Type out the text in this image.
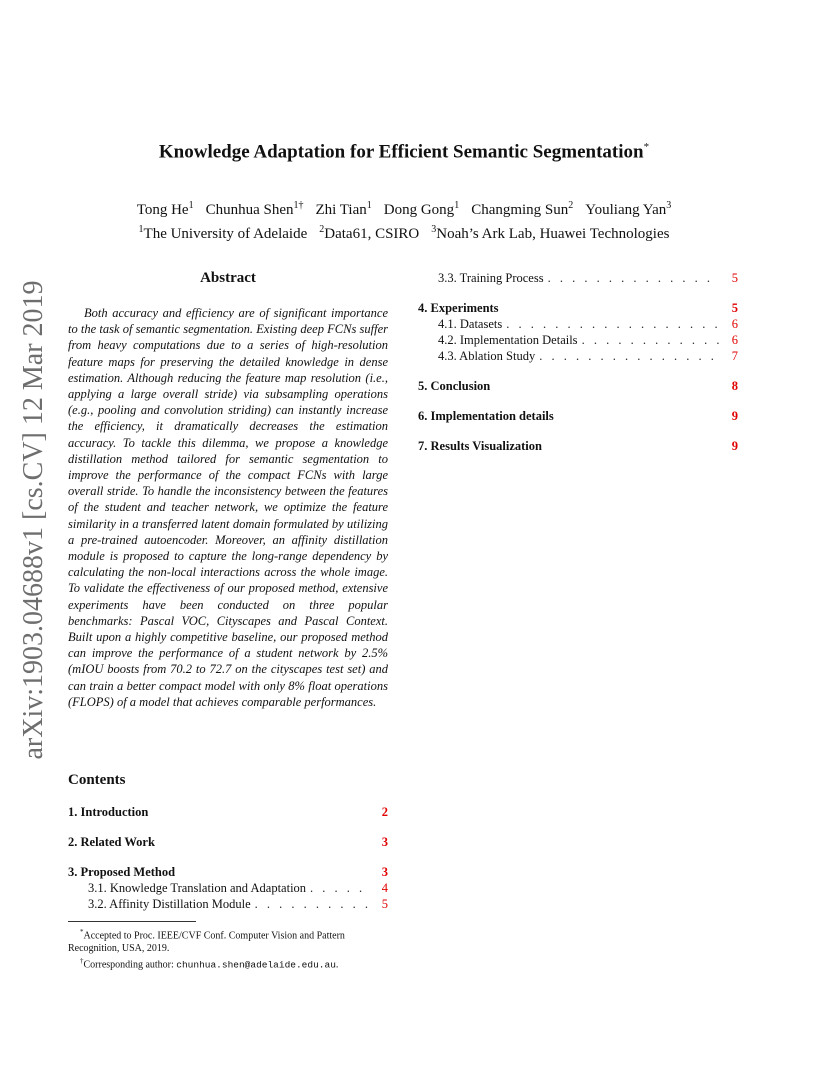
arXiv:1903.04688v1 [cs.CV] 12 Mar 2019
Knowledge Adaptation for Efficient Semantic Segmentation*
Tong He$^1$ Chunhua Shen$^{1\dagger}$ Zhi Tian$^1$ Dong Gong$^1$ Changming Sun$^2$ Youliang Yan$^3$
$^1$The University of Adelaide $^2$Data61, CSIRO $^3$Noah’s Ark Lab, Huawei Technologies
Abstract
Both accuracy and efficiency are of significant importance to the task of semantic segmentation. Existing deep FCNs suffer from heavy computations due to a series of high-resolution feature maps for preserving the detailed knowledge in dense estimation. Although reducing the feature map resolution (i.e., applying a large overall stride) via subsampling operations (e.g., pooling and convolution striding) can instantly increase the efficiency, it dramatically decreases the estimation accuracy. To tackle this dilemma, we propose a knowledge distillation method tailored for semantic segmentation to improve the performance of the compact FCNs with large overall stride. To handle the inconsistency between the features of the student and teacher network, we optimize the feature similarity in a transferred latent domain formulated by utilizing a pre-trained autoencoder. Moreover, an affinity distillation module is proposed to capture the long-range dependency by calculating the non-local interactions across the whole image. To validate the effectiveness of our proposed method, extensive experiments have been conducted on three popular benchmarks: Pascal VOC, Cityscapes and Pascal Context. Built upon a highly competitive baseline, our proposed method can improve the performance of a student network by 2.5% (mIOU boosts from 70.2 to 72.7 on the cityscapes test set) and can train a better compact model with only 8% float operations (FLOPS) of a model that achieves comparable performances.
Contents
1. Introduction	2
2. Related Work	3
3. Proposed Method	3
3.1. Knowledge Translation and Adaptation . . .	4
3.2. Affinity Distillation Module . . .	5
3.3. Training Process . . .	5
4. Experiments	5
4.1. Datasets . . .	6
4.2. Implementation Details . . .	6
4.3. Ablation Study . . .	7
5. Conclusion	8
6. Implementation details	9
7. Results Visualization	9

*Accepted to Proc. IEEE/CVF Conf. Computer Vision and Pattern Recognition, USA, 2019.

†Corresponding author: chunhua.shen@adelaide.edu.au.
